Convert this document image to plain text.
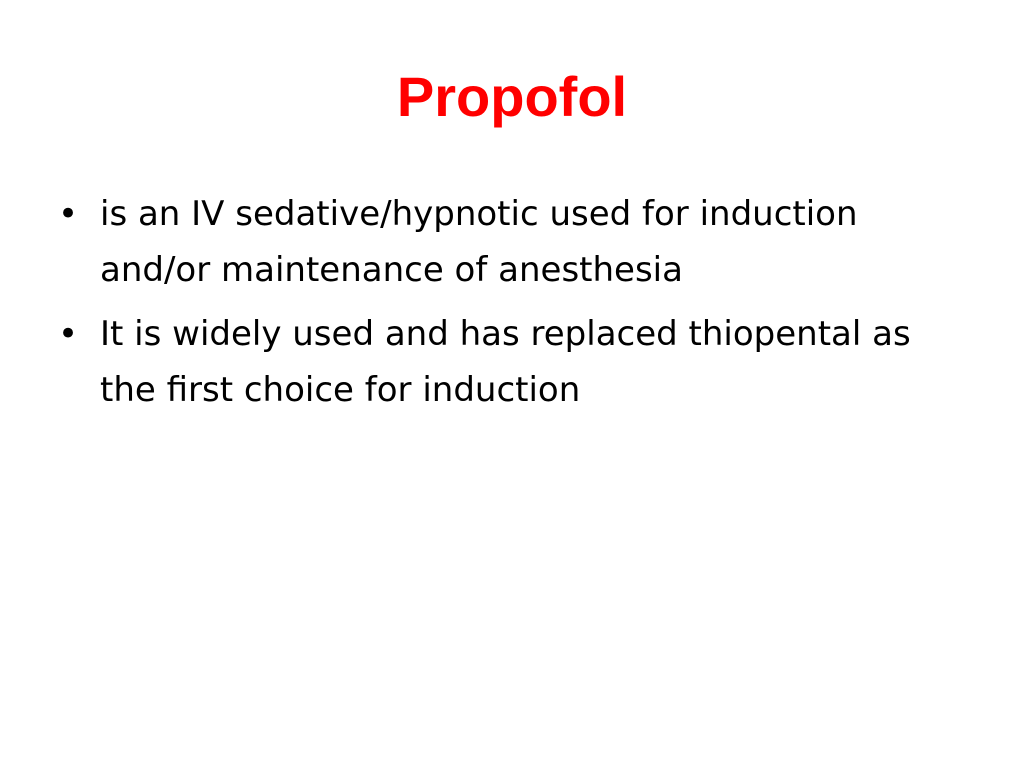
Propofol
• is an IV sedative/hypnotic used for induction and/or maintenance of anesthesia
• It is widely used and has replaced thiopental as the first choice for induction
